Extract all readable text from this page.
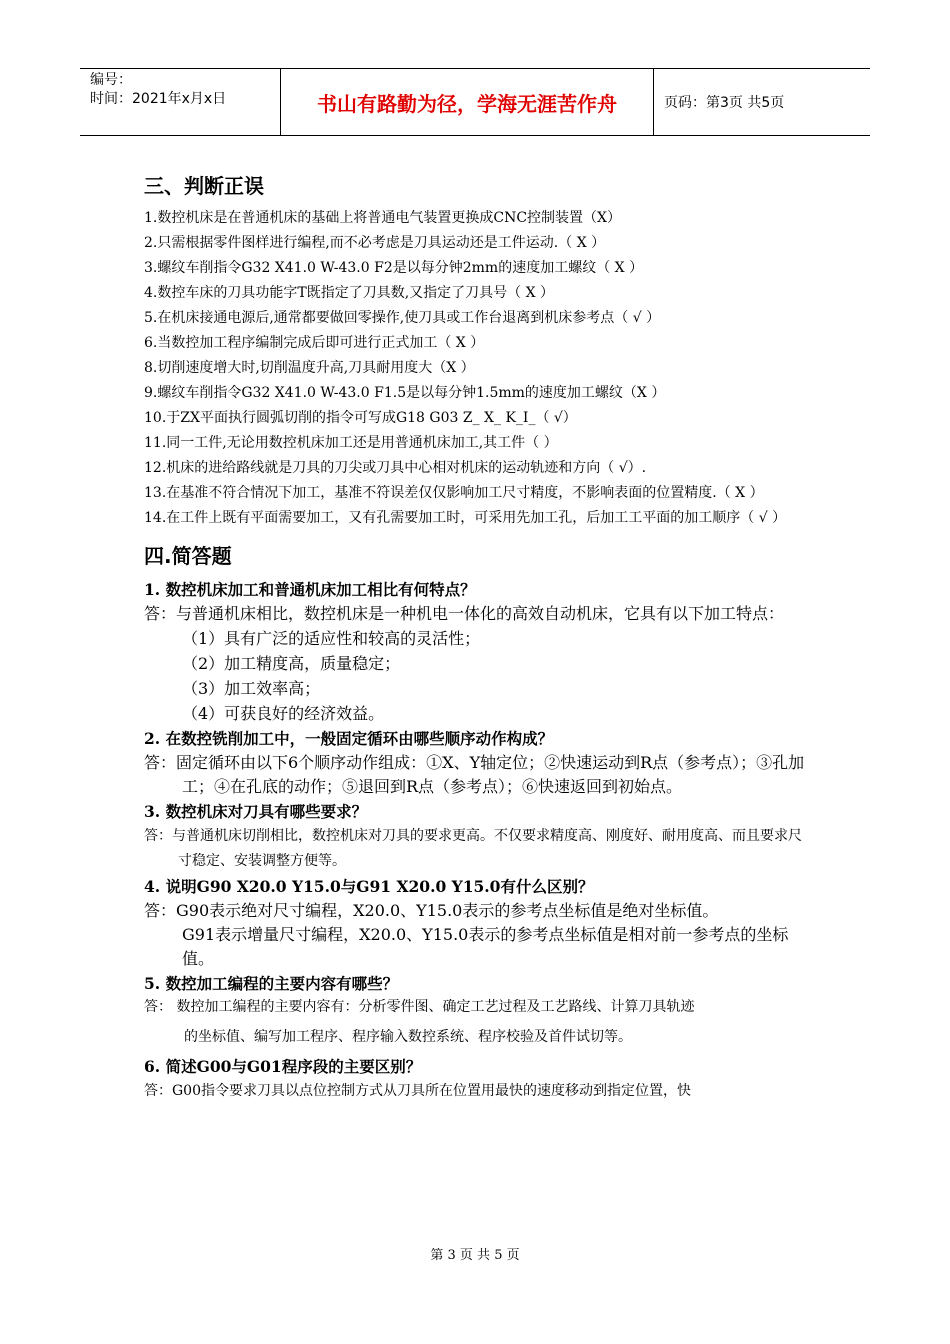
编号：
时间：2021年x月x日	书山有路勤为径，学海无涯苦作舟	页码：第3页 共5页
三、判断正误
1.数控机床是在普通机床的基础上将普通电气装置更换成CNC控制装置（X）
2.只需根据零件图样进行编程,而不必考虑是刀具运动还是工件运动.（ X ）
3.螺纹车削指令G32 X41.0 W-43.0 F2是以每分钟2mm的速度加工螺纹（ X ）
4.数控车床的刀具功能字T既指定了刀具数,又指定了刀具号（ X ）
5.在机床接通电源后,通常都要做回零操作,使刀具或工作台退离到机床参考点（ √ ）
6.当数控加工程序编制完成后即可进行正式加工（ X ）
8.切削速度增大时,切削温度升高,刀具耐用度大（X ）
9.螺纹车削指令G32 X41.0 W-43.0 F1.5是以每分钟1.5mm的速度加工螺纹（X ）
10.于ZX平面执行圆弧切削的指令可写成G18 G03 Z_ X_ K_I_（ √）
11.同一工件,无论用数控机床加工还是用普通机床加工,其工件（ ）
12.机床的进给路线就是刀具的刀尖或刀具中心相对机床的运动轨迹和方向（ √）.
13.在基准不符合情况下加工，基准不符误差仅仅影响加工尺寸精度，不影响表面的位置精度.（ X ）
14.在工件上既有平面需要加工，又有孔需要加工时，可采用先加工孔，后加工工平面的加工顺序（ √ ）
四.简答题
1. 数控机床加工和普通机床加工相比有何特点？
答：与普通机床相比，数控机床是一种机电一体化的高效自动机床，它具有以下加工特点：
（1）具有广泛的适应性和较高的灵活性；
（2）加工精度高，质量稳定；
（3）加工效率高；
（4）可获良好的经济效益。
2. 在数控铣削加工中，一般固定循环由哪些顺序动作构成？
答：固定循环由以下6个顺序动作组成：①X、Y轴定位；②快速运动到R点（参考点）；③孔加工；④在孔底的动作；⑤退回到R点（参考点）；⑥快速返回到初始点。
3. 数控机床对刀具有哪些要求？
答：与普通机床切削相比，数控机床对刀具的要求更高。不仅要求精度高、刚度好、耐用度高、而且要求尺寸稳定、安装调整方便等。
4. 说明G90 X20.0 Y15.0与G91 X20.0 Y15.0有什么区别？
答：G90表示绝对尺寸编程，X20.0、Y15.0表示的参考点坐标值是绝对坐标值。
G91表示增量尺寸编程，X20.0、Y15.0表示的参考点坐标值是相对前一参考点的坐标值。
5. 数控加工编程的主要内容有哪些？
答： 数控加工编程的主要内容有：分析零件图、确定工艺过程及工艺路线、计算刀具轨迹
的坐标值、编写加工程序、程序输入数控系统、程序校验及首件试切等。
6. 简述G00与G01程序段的主要区别？
答：G00指令要求刀具以点位控制方式从刀具所在位置用最快的速度移动到指定位置，快
第 3 页 共 5 页
